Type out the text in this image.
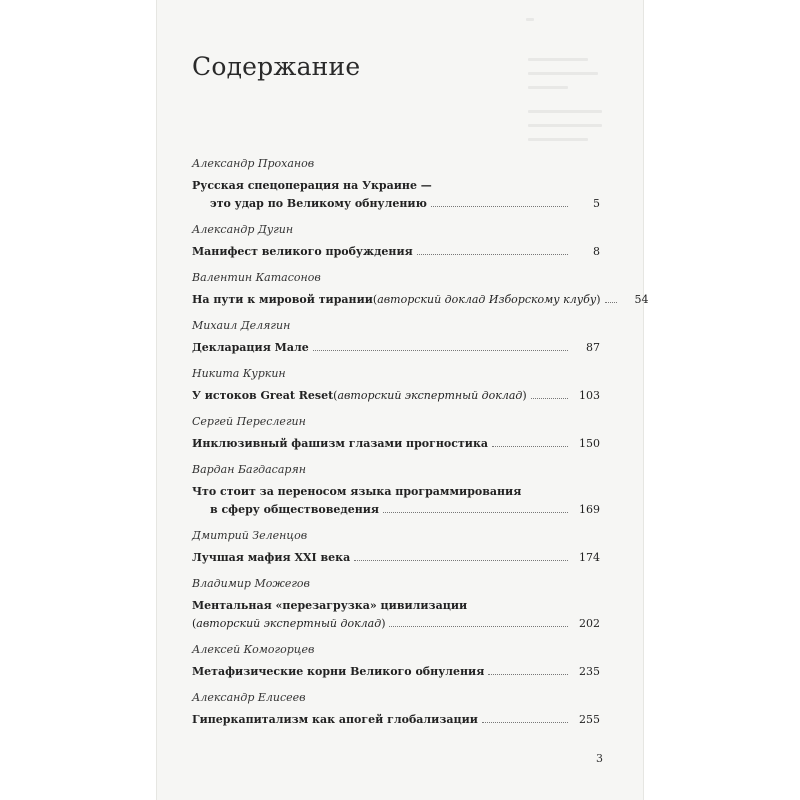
Содержание
Александр Проханов
Русская спецоперация на Украине —
это удар по Великому обнулению	5
Александр Дугин
Манифест великого пробуждения	8
Валентин Катасонов
На пути к мировой тирании ( авторский доклад Изборскому клубу )	54
Михаил Делягин
Декларация Мале	87
Никита Куркин
У истоков Great Reset ( авторский экспертный доклад )	103
Сергей Переслегин
Инклюзивный фашизм глазами прогностика	150
Вардан Багдасарян
Что стоит за переносом языка программирования
в сферу обществоведения	169
Дмитрий Зеленцов
Лучшая мафия XXI века	174
Владимир Можегов
Ментальная «перезагрузка» цивилизации
( авторский экспертный доклад )	202
Алексей Комогорцев
Метафизические корни Великого обнуления	235
Александр Елисеев
Гиперкапитализм как апогей глобализации	255
3
